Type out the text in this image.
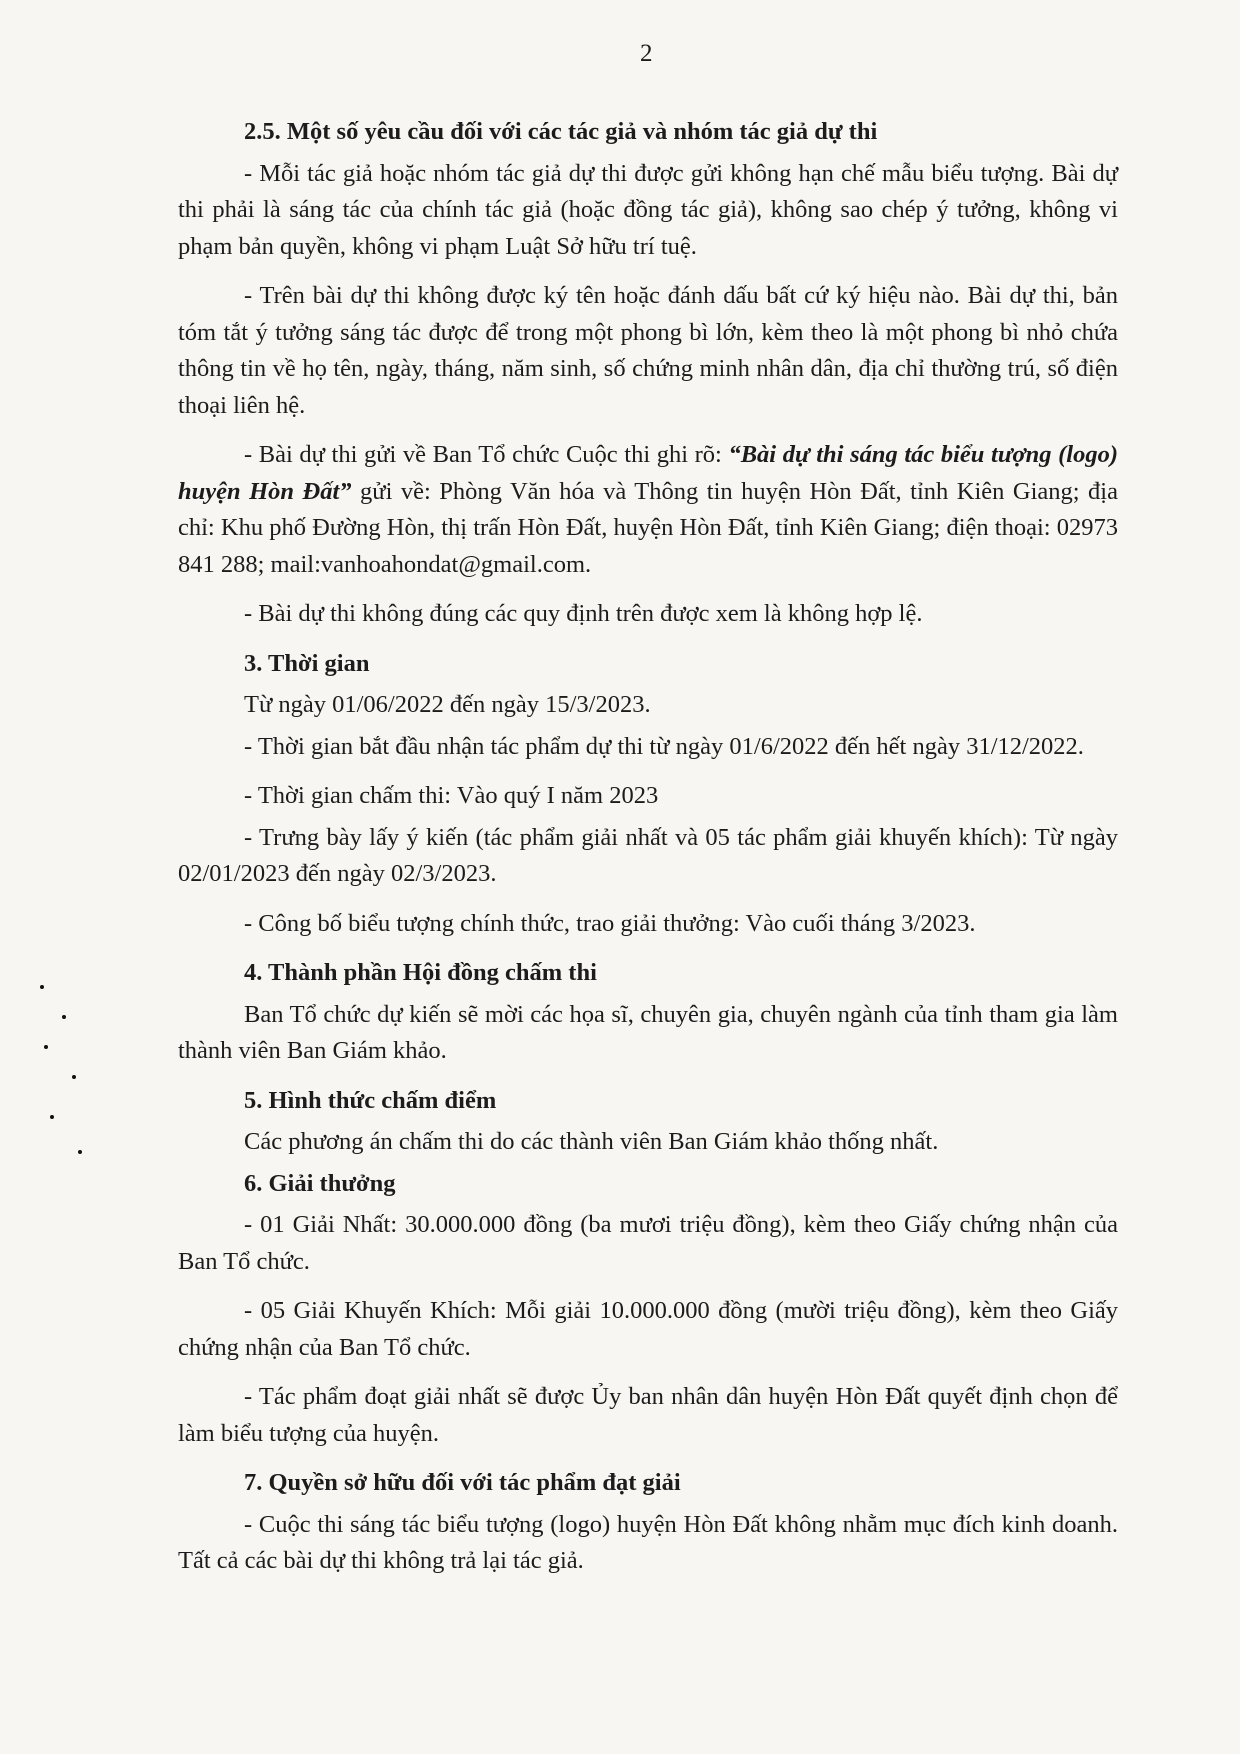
2

2.5. Một số yêu cầu đối với các tác giả và nhóm tác giả dự thi

- Mỗi tác giả hoặc nhóm tác giả dự thi được gửi không hạn chế mẫu biểu tượng. Bài dự thi phải là sáng tác của chính tác giả (hoặc đồng tác giả), không sao chép ý tưởng, không vi phạm bản quyền, không vi phạm Luật Sở hữu trí tuệ.

- Trên bài dự thi không được ký tên hoặc đánh dấu bất cứ ký hiệu nào. Bài dự thi, bản tóm tắt ý tưởng sáng tác được để trong một phong bì lớn, kèm theo là một phong bì nhỏ chứa thông tin về họ tên, ngày, tháng, năm sinh, số chứng minh nhân dân, địa chỉ thường trú, số điện thoại liên hệ.

- Bài dự thi gửi về Ban Tổ chức Cuộc thi ghi rõ: “Bài dự thi sáng tác biểu tượng (logo) huyện Hòn Đất” gửi về: Phòng Văn hóa và Thông tin huyện Hòn Đất, tỉnh Kiên Giang; địa chỉ: Khu phố Đường Hòn, thị trấn Hòn Đất, huyện Hòn Đất, tỉnh Kiên Giang; điện thoại: 02973 841 288; mail:vanhoahondat@gmail.com.

- Bài dự thi không đúng các quy định trên được xem là không hợp lệ.

3. Thời gian

Từ ngày 01/06/2022 đến ngày 15/3/2023.

- Thời gian bắt đầu nhận tác phẩm dự thi từ ngày 01/6/2022 đến hết ngày 31/12/2022.

- Thời gian chấm thi: Vào quý I năm 2023

- Trưng bày lấy ý kiến (tác phẩm giải nhất và 05 tác phẩm giải khuyến khích): Từ ngày 02/01/2023 đến ngày 02/3/2023.

- Công bố biểu tượng chính thức, trao giải thưởng: Vào cuối tháng 3/2023.

4. Thành phần Hội đồng chấm thi

Ban Tổ chức dự kiến sẽ mời các họa sĩ, chuyên gia, chuyên ngành của tỉnh tham gia làm thành viên Ban Giám khảo.

5. Hình thức chấm điểm

Các phương án chấm thi do các thành viên Ban Giám khảo thống nhất.

6. Giải thưởng

- 01 Giải Nhất: 30.000.000 đồng (ba mươi triệu đồng), kèm theo Giấy chứng nhận của Ban Tổ chức.

- 05 Giải Khuyến Khích: Mỗi giải 10.000.000 đồng (mười triệu đồng), kèm theo Giấy chứng nhận của Ban Tổ chức.

- Tác phẩm đoạt giải nhất sẽ được Ủy ban nhân dân huyện Hòn Đất quyết định chọn để làm biểu tượng của huyện.

7. Quyền sở hữu đối với tác phẩm đạt giải

- Cuộc thi sáng tác biểu tượng (logo) huyện Hòn Đất không nhằm mục đích kinh doanh. Tất cả các bài dự thi không trả lại tác giả.
